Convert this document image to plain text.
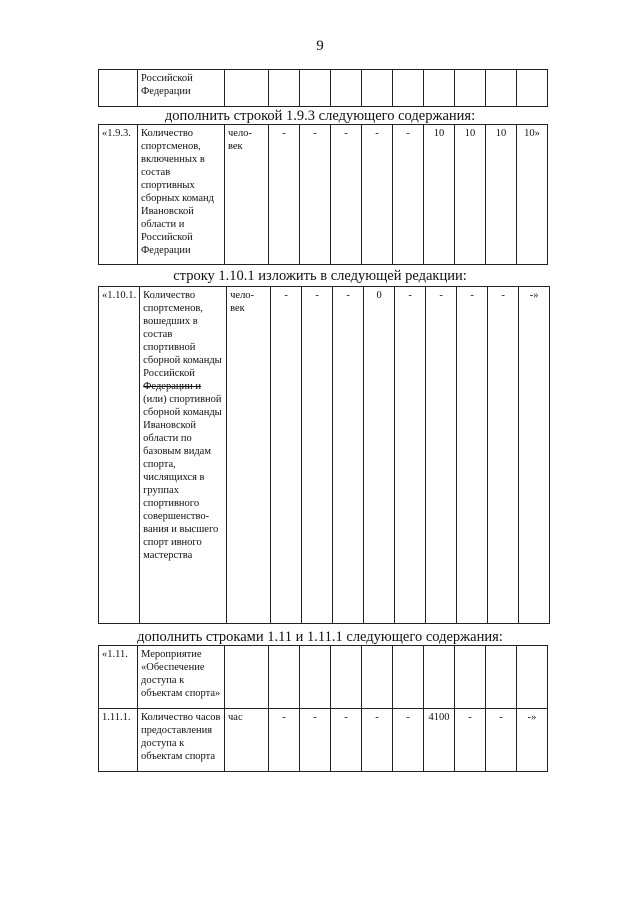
9
	Российской Федерации										
дополнить строкой 1.9.3 следующего содержания:
«1.9.3.	Количество спортсменов, включенных в состав спортивных сборных команд Ивановской области и Российской Федерации	чело-век	-	-	-	-	-	10	10	10	10»
строку 1.10.1 изложить в следующей редакции:
«1.10.1.	Количество спортсменов, вошедших в состав спортивной сборной команды Российской Федерации и (или) спортивной сборной команды Ивановской области по базовым видам спорта, числящихся в группах спортивного совершенство-вания и высшего спорт ивного мастерства	чело-век	-	-	-	0	-	-	-	-	-»
дополнить строками 1.11 и 1.11.1 следующего содержания:
«1.11.	Мероприятие «Обеспечение доступа к объектам спорта»										
1.11.1.	Количество часов предоставления доступа к объектам спорта	час	-	-	-	-	-	4100	-	-	-»
